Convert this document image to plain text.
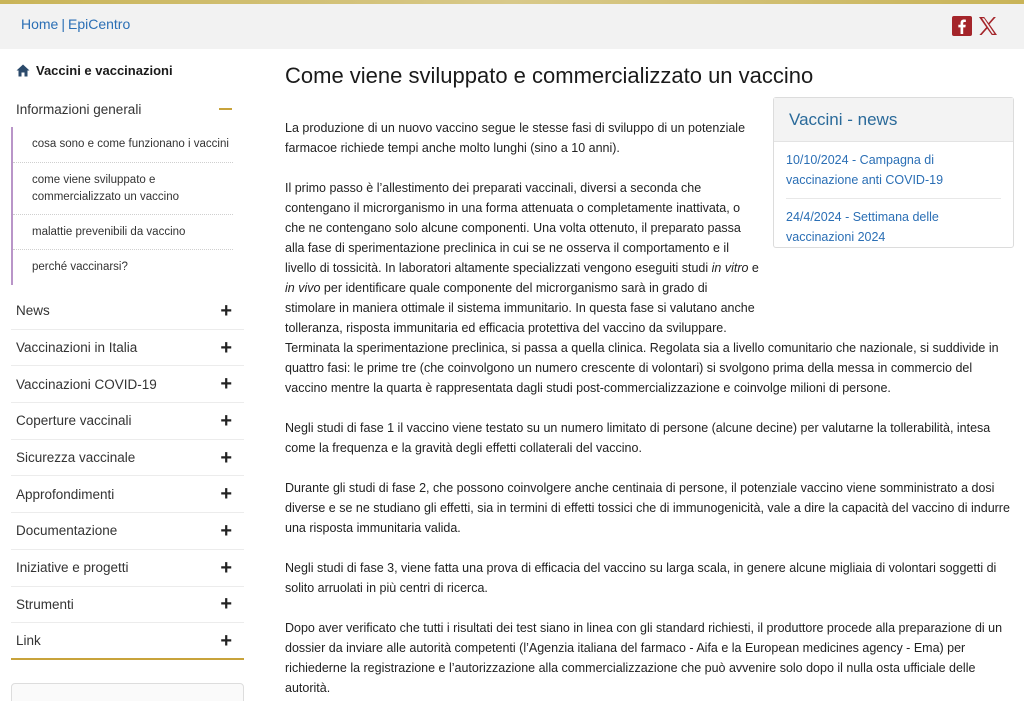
Home | EpiCentro
Vaccini e vaccinazioni
Informazioni generali
cosa sono e come funzionano i vaccini
come viene sviluppato e commercializzato un vaccino
malattie prevenibili da vaccino
perché vaccinarsi?
News	+
Vaccinazioni in Italia	+
Vaccinazioni COVID-19	+
Coperture vaccinali	+
Sicurezza vaccinale	+
Approfondimenti	+
Documentazione	+
Iniziative e progetti	+
Strumenti	+
Link	+
Come viene sviluppato e commercializzato un vaccino

La produzione di un nuovo vaccino segue le stesse fasi di sviluppo di un potenziale farmacoe richiede tempi anche molto lunghi (sino a 10 anni).

Il primo passo è l’allestimento dei preparati vaccinali, diversi a seconda che contengano il microrganismo in una forma attenuata o completamente inattivata, o che ne contengano solo alcune componenti. Una volta ottenuto, il preparato passa alla fase di sperimentazione preclinica in cui se ne osserva il comportamento e il livello di tossicità. In laboratori altamente specializzati vengono eseguiti studi in vitro e in vivo per identificare quale componente del microrganismo sarà in grado di stimolare in maniera ottimale il sistema immunitario. In questa fase si valutano anche tolleranza, risposta immunitaria ed efficacia protettiva del vaccino da sviluppare.

Terminata la sperimentazione preclinica, si passa a quella clinica. Regolata sia a livello comunitario che nazionale, si suddivide in quattro fasi: le prime tre (che coinvolgono un numero crescente di volontari) si svolgono prima della messa in commercio del vaccino mentre la quarta è rappresentata dagli studi post-commercializzazione e coinvolge milioni di persone.

Negli studi di fase 1 il vaccino viene testato su un numero limitato di persone (alcune decine) per valutarne la tollerabilità, intesa come la frequenza e la gravità degli effetti collaterali del vaccino.

Durante gli studi di fase 2, che possono coinvolgere anche centinaia di persone, il potenziale vaccino viene somministrato a dosi diverse e se ne studiano gli effetti, sia in termini di effetti tossici che di immunogenicità, vale a dire la capacità del vaccino di indurre una risposta immunitaria valida.

Negli studi di fase 3, viene fatta una prova di efficacia del vaccino su larga scala, in genere alcune migliaia di volontari soggetti di solito arruolati in più centri di ricerca.

Dopo aver verificato che tutti i risultati dei test siano in linea con gli standard richiesti, il produttore procede alla preparazione di un dossier da inviare alle autorità competenti (l’Agenzia italiana del farmaco - Aifa e la European medicines agency - Ema) per richiederne la registrazione e l’autorizzazione alla commercializzazione che può avvenire solo dopo il nulla osta ufficiale delle autorità.

Vaccini - news
10/10/2024 - Campagna di vaccinazione anti COVID-19
24/4/2024 - Settimana delle vaccinazioni 2024
